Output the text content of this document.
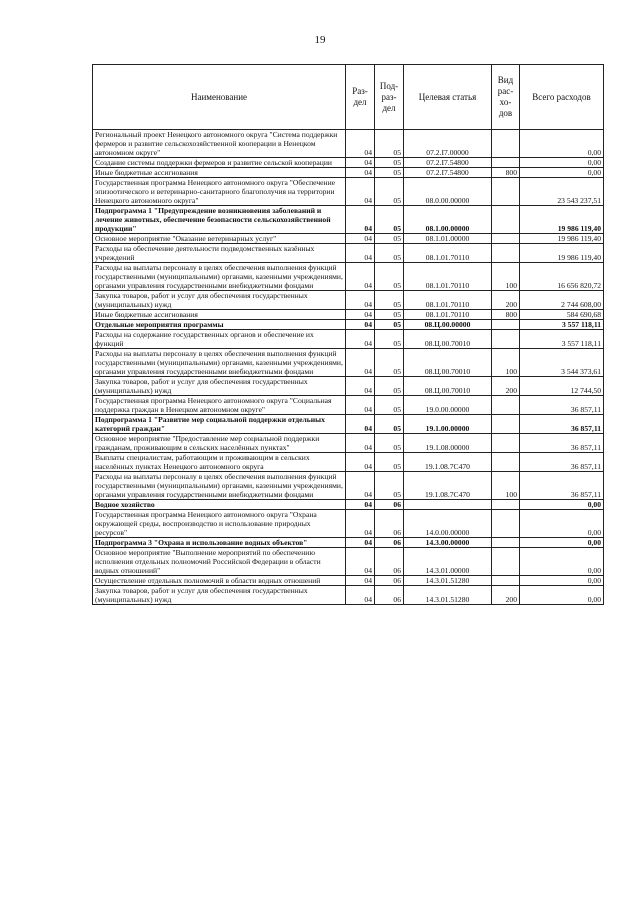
19
Наименование	Раз-дел	Под-раз-дел	Целевая статья	Вид рас-хо-дов	Всего расходов
Региональный проект Ненецкого автономного округа "Система поддержки фермеров и развитие сельскохозяйственной кооперации в Ненецком автономном округе"	04	05	07.2.I7.00000		0,00
Создание системы поддержки фермеров и развитие сельской кооперации	04	05	07.2.I7.54800		0,00
Иные бюджетные ассигнования	04	05	07.2.I7.54800	800	0,00
Государственная программа Ненецкого автономного округа "Обеспечение эпизоотического и ветеринарно-санитарного благополучия на территории Ненецкого автономного округа"	04	05	08.0.00.00000		23 543 237,51
Подпрограмма 1 "Предупреждение возникновения заболеваний и лечение животных, обеспечение безопасности сельскохозяйственной продукции"	04	05	08.1.00.00000		19 986 119,40
Основное мероприятие "Оказание ветеринарных услуг"	04	05	08.1.01.00000		19 986 119,40
Расходы на обеспечение деятельности подведомственных казённых учреждений	04	05	08.1.01.70110		19 986 119,40
Расходы на выплаты персоналу в целях обеспечения выполнения функций государственными (муниципальными) органами, казенными учреждениями, органами управления государственными внебюджетными фондами	04	05	08.1.01.70110	100	16 656 820,72
Закупка товаров, работ и услуг для обеспечения государственных (муниципальных) нужд	04	05	08.1.01.70110	200	2 744 608,00
Иные бюджетные ассигнования	04	05	08.1.01.70110	800	584 690,68
Отдельные мероприятия программы	04	05	08.Ц.00.00000		3 557 118,11
Расходы на содержание государственных органов и обеспечение их функций	04	05	08.Ц.00.70010		3 557 118,11
Расходы на выплаты персоналу в целях обеспечения выполнения функций государственными (муниципальными) органами, казенными учреждениями, органами управления государственными внебюджетными фондами	04	05	08.Ц.00.70010	100	3 544 373,61
Закупка товаров, работ и услуг для обеспечения государственных (муниципальных) нужд	04	05	08.Ц.00.70010	200	12 744,50
Государственная программа Ненецкого автономного округа "Социальная поддержка граждан в Ненецком автономном округе"	04	05	19.0.00.00000		36 857,11
Подпрограмма 1 "Развитие мер социальной поддержки отдельных категорий граждан"	04	05	19.1.00.00000		36 857,11
Основное мероприятие "Предоставление мер социальной поддержки гражданам, проживающим в сельских населённых пунктах"	04	05	19.1.08.00000		36 857,11
Выплаты специалистам, работающим и проживающим в сельских населённых пунктах Ненецкого автономного округа	04	05	19.1.08.7C470		36 857,11
Расходы на выплаты персоналу в целях обеспечения выполнения функций государственными (муниципальными) органами, казенными учреждениями, органами управления государственными внебюджетными фондами	04	05	19.1.08.7C470	100	36 857,11
Водное хозяйство	04	06			0,00
Государственная программа Ненецкого автономного округа "Охрана окружающей среды, воспроизводство и использование природных ресурсов"	04	06	14.0.00.00000		0,00
Подпрограмма 3 "Охрана и использование водных объектов"	04	06	14.3.00.00000		0,00
Основное мероприятие "Выполнение мероприятий по обеспечению исполнения отдельных полномочий Российской Федерации в области водных отношений"	04	06	14.3.01.00000		0,00
Осуществление отдельных полномочий в области водных отношений	04	06	14.3.01.51280		0,00
Закупка товаров, работ и услуг для обеспечения государственных (муниципальных) нужд	04	06	14.3.01.51280	200	0,00
